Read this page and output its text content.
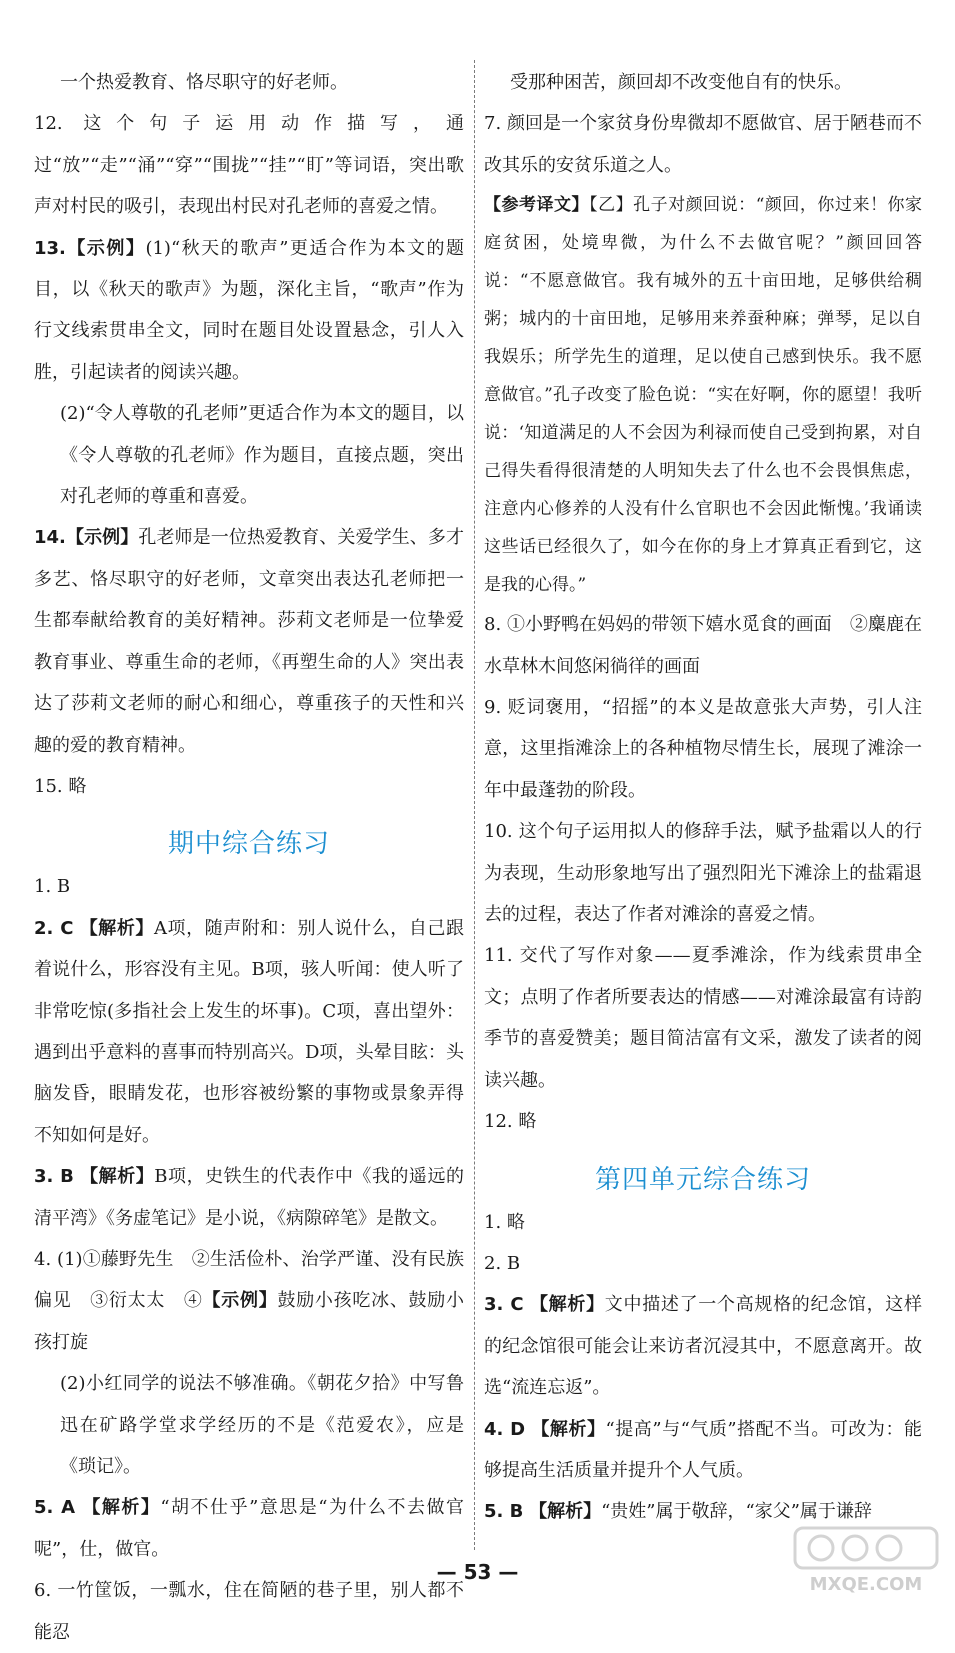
一个热爱教育、恪尽职守的好老师。

12. 这个句子运用动作描写，通过“放”“走”“涌”“穿”“围拢”“挂”“盯”等词语，突出歌声对村民的吸引，表现出村民对孔老师的喜爱之情。

13.【示例】(1)“秋天的歌声”更适合作为本文的题目，以《秋天的歌声》为题，深化主旨，“歌声”作为行文线索贯串全文，同时在题目处设置悬念，引人入胜，引起读者的阅读兴趣。

(2)“令人尊敬的孔老师”更适合作为本文的题目，以《令人尊敬的孔老师》作为题目，直接点题，突出对孔老师的尊重和喜爱。

14.【示例】孔老师是一位热爱教育、关爱学生、多才多艺、恪尽职守的好老师，文章突出表达孔老师把一生都奉献给教育的美好精神。莎莉文老师是一位挚爱教育事业、尊重生命的老师，《再塑生命的人》突出表达了莎莉文老师的耐心和细心，尊重孩子的天性和兴趣的爱的教育精神。

15. 略

期中综合练习

1. B

2. C 【解析】A项，随声附和：别人说什么，自己跟着说什么，形容没有主见。B项，骇人听闻：使人听了非常吃惊(多指社会上发生的坏事)。C项，喜出望外：遇到出乎意料的喜事而特别高兴。D项，头晕目眩：头脑发昏，眼睛发花，也形容被纷繁的事物或景象弄得不知如何是好。

3. B 【解析】B项，史铁生的代表作中《我的遥远的清平湾》《务虚笔记》是小说，《病隙碎笔》是散文。

4. (1)①藤野先生　②生活俭朴、治学严谨、没有民族偏见　③衍太太　④【示例】鼓励小孩吃冰、鼓励小孩打旋

(2)小红同学的说法不够准确。《朝花夕拾》中写鲁迅在矿路学堂求学经历的不是《范爱农》，应是《琐记》。

5. A 【解析】“胡不仕乎”意思是“为什么不去做官呢”，仕，做官。

6. 一竹筐饭，一瓢水，住在简陋的巷子里，别人都不能忍

受那种困苦，颜回却不改变他自有的快乐。

7. 颜回是一个家贫身份卑微却不愿做官、居于陋巷而不改其乐的安贫乐道之人。

【参考译文】【乙】孔子对颜回说：“颜回，你过来！你家庭贫困，处境卑微，为什么不去做官呢？”颜回回答说：“不愿意做官。我有城外的五十亩田地，足够供给稠粥；城内的十亩田地，足够用来养蚕种麻；弹琴，足以自我娱乐；所学先生的道理，足以使自己感到快乐。我不愿意做官。”孔子改变了脸色说：“实在好啊，你的愿望！我听说：‘知道满足的人不会因为利禄而使自己受到拘累，对自己得失看得很清楚的人明知失去了什么也不会畏惧焦虑，注意内心修养的人没有什么官职也不会因此惭愧。’我诵读这些话已经很久了，如今在你的身上才算真正看到它，这是我的心得。”

8. ①小野鸭在妈妈的带领下嬉水觅食的画面　②麋鹿在水草林木间悠闲徜徉的画面

9. 贬词褒用，“招摇”的本义是故意张大声势，引人注意，这里指滩涂上的各种植物尽情生长，展现了滩涂一年中最蓬勃的阶段。

10. 这个句子运用拟人的修辞手法，赋予盐霜以人的行为表现，生动形象地写出了强烈阳光下滩涂上的盐霜退去的过程，表达了作者对滩涂的喜爱之情。

11. 交代了写作对象——夏季滩涂，作为线索贯串全文；点明了作者所要表达的情感——对滩涂最富有诗韵季节的喜爱赞美；题目简洁富有文采，激发了读者的阅读兴趣。

12. 略

第四单元综合练习

1. 略

2. B

3. C 【解析】文中描述了一个高规格的纪念馆，这样的纪念馆很可能会让来访者沉浸其中，不愿意离开。故选“流连忘返”。

4. D 【解析】“提高”与“气质”搭配不当。可改为：能够提高生活质量并提升个人气质。

5. B 【解析】“贵姓”属于敬辞，“家父”属于谦辞

— 53 —
MXQE.COM
